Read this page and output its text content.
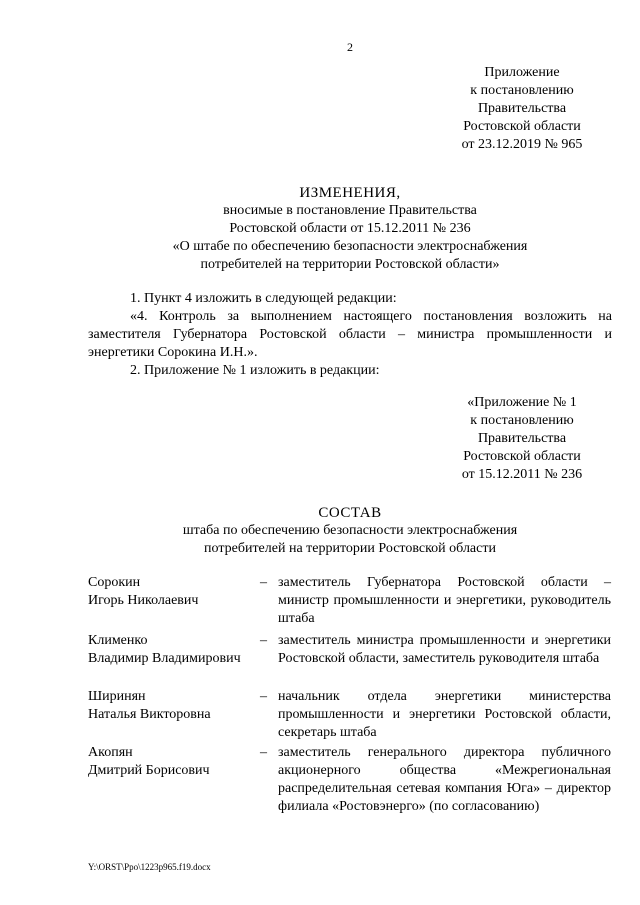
2
Приложение
к постановлению
Правительства
Ростовской области
от 23.12.2019 № 965
ИЗМЕНЕНИЯ,
вносимые в постановление Правительства
Ростовской области от 15.12.2011 № 236
«О штабе по обеспечению безопасности электроснабжения
потребителей на территории Ростовской области»
1. Пункт 4 изложить в следующей редакции:
«4. Контроль за выполнением настоящего постановления возложить на заместителя Губернатора Ростовской области – министра промышленности и энергетики Сорокина И.Н.».
2. Приложение № 1 изложить в редакции:
«Приложение № 1
к постановлению
Правительства
Ростовской области
от 15.12.2011 № 236
СОСТАВ
штаба по обеспечению безопасности электроснабжения
потребителей на территории Ростовской области
Сорокин
Игорь Николаевич
– заместитель Губернатора Ростовской области – министр промышленности и энергетики, руководитель штаба
Клименко
Владимир Владимирович
– заместитель министра промышленности и энергетики Ростовской области, заместитель руководителя штаба
Ширинян
Наталья Викторовна
– начальник отдела энергетики министерства промышленности и энергетики Ростовской области, секретарь штаба
Акопян
Дмитрий Борисович
– заместитель генерального директора публичного акционерного общества «Межрегиональная распределительная сетевая компания Юга» – директор филиала «Ростовэнерго» (по согласованию)
Y:\ORST\Ppo\1223p965.f19.docx
